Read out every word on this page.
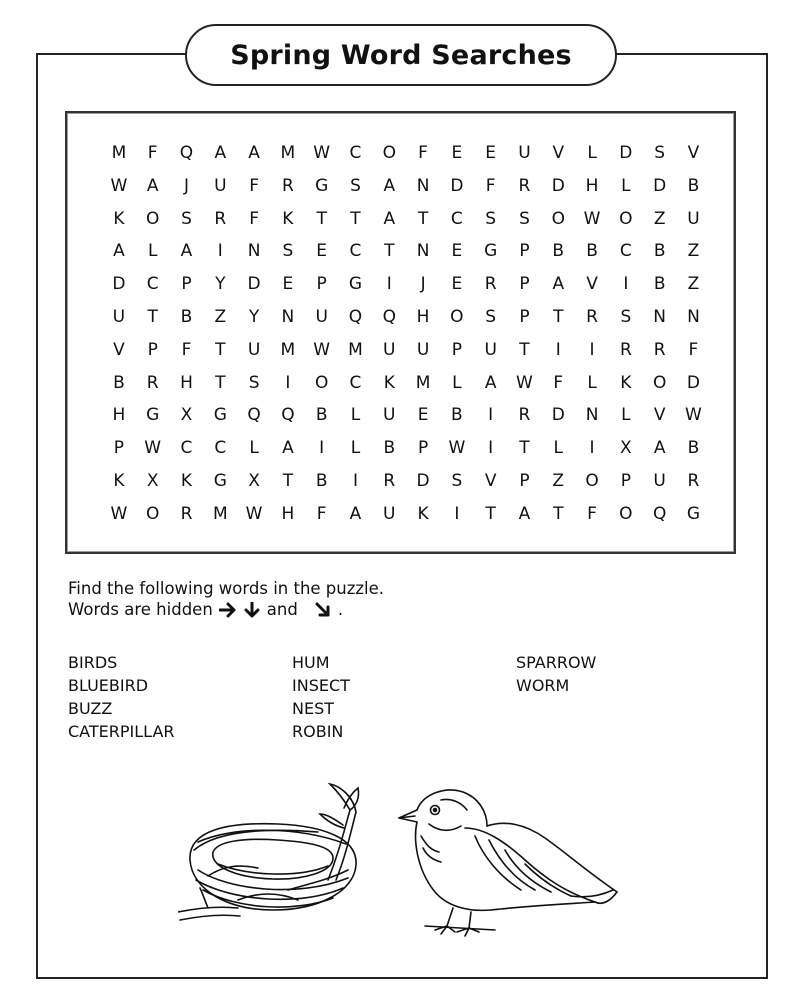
Spring Word Searches
M	F	Q	A	A	M	W	C	O	F	E	E	U	V	L	D	S	V
W	A	J	U	F	R	G	S	A	N	D	F	R	D	H	L	D	B
K	O	S	R	F	K	T	T	A	T	C	S	S	O	W	O	Z	U
A	L	A	I	N	S	E	C	T	N	E	G	P	B	B	C	B	Z
D	C	P	Y	D	E	P	G	I	J	E	R	P	A	V	I	B	Z
U	T	B	Z	Y	N	U	Q	Q	H	O	S	P	T	R	S	N	N
V	P	F	T	U	M	W	M	U	U	P	U	T	I	I	R	R	F
B	R	H	T	S	I	O	C	K	M	L	A	W	F	L	K	O	D
H	G	X	G	Q	Q	B	L	U	E	B	I	R	D	N	L	V	W
P	W	C	C	L	A	I	L	B	P	W	I	T	L	I	X	A	B
K	X	K	G	X	T	B	I	R	D	S	V	P	Z	O	P	U	R
W	O	R	M	W	H	F	A	U	K	I	T	A	T	F	O	Q	G
Find the following words in the puzzle.
Words are hidden	and .
BIRDS
BLUEBIRD
BUZZ
CATERPILLAR
HUM
INSECT
NEST
ROBIN
SPARROW
WORM
